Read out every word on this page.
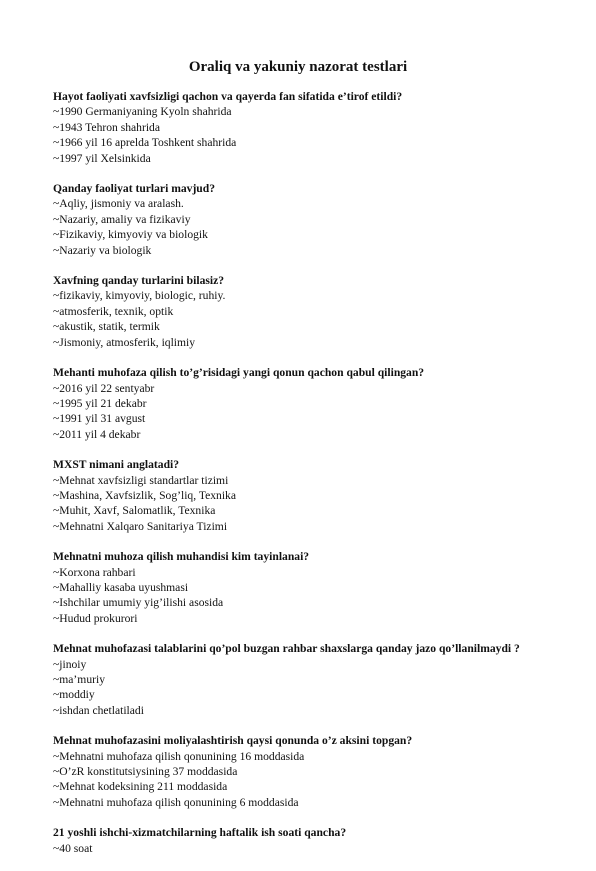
Oraliq va yakuniy nazorat testlari
Hayot faoliyati xavfsizligi qachon va qayerda fan sifatida e’tirof etildi?
~1990 Germaniyaning Kyoln shahrida
~1943 Tehron shahrida
~1966 yil 16 aprelda Toshkent shahrida
~1997 yil Xelsinkida
Qanday faoliyat turlari mavjud?
~Aqliy, jismoniy va aralash.
~Nazariy, amaliy va fizikaviy
~Fizikaviy, kimyoviy va biologik
~Nazariy va biologik
Xavfning qanday turlarini bilasiz?
~fizikaviy, kimyoviy, biologic, ruhiy.
~atmosferik, texnik, optik
~akustik, statik, termik
~Jismoniy, atmosferik, iqlimiy
Mehanti muhofaza qilish to’g’risidagi yangi qonun qachon qabul qilingan?
~2016 yil 22 sentyabr
~1995 yil 21 dekabr
~1991 yil 31 avgust
~2011 yil 4 dekabr
MXST nimani anglatadi?
~Mehnat xavfsizligi standartlar tizimi
~Mashina, Xavfsizlik, Sog’liq, Texnika
~Muhit, Xavf, Salomatlik, Texnika
~Mehnatni Xalqaro Sanitariya Tizimi
Mehnatni muhoza qilish muhandisi kim tayinlanai?
~Korxona rahbari
~Mahalliy kasaba uyushmasi
~Ishchilar umumiy yig’ilishi asosida
~Hudud prokurori
Mehnat muhofazasi talablarini qo’pol buzgan rahbar shaxslarga qanday jazo qo’llanilmaydi ?
~jinoiy
~ma’muriy
~moddiy
~ishdan chetlatiladi
Mehnat muhofazasini moliyalashtirish qaysi qonunda o’z aksini topgan?
~Mehnatni muhofaza qilish qonunining 16 moddasida
~O’zR konstitutsiysining 37 moddasida
~Mehnat kodeksining 211 moddasida
~Mehnatni muhofaza qilish qonunining 6 moddasida
21 yoshli ishchi-xizmatchilarning haftalik ish soati qancha?
~40 soat
